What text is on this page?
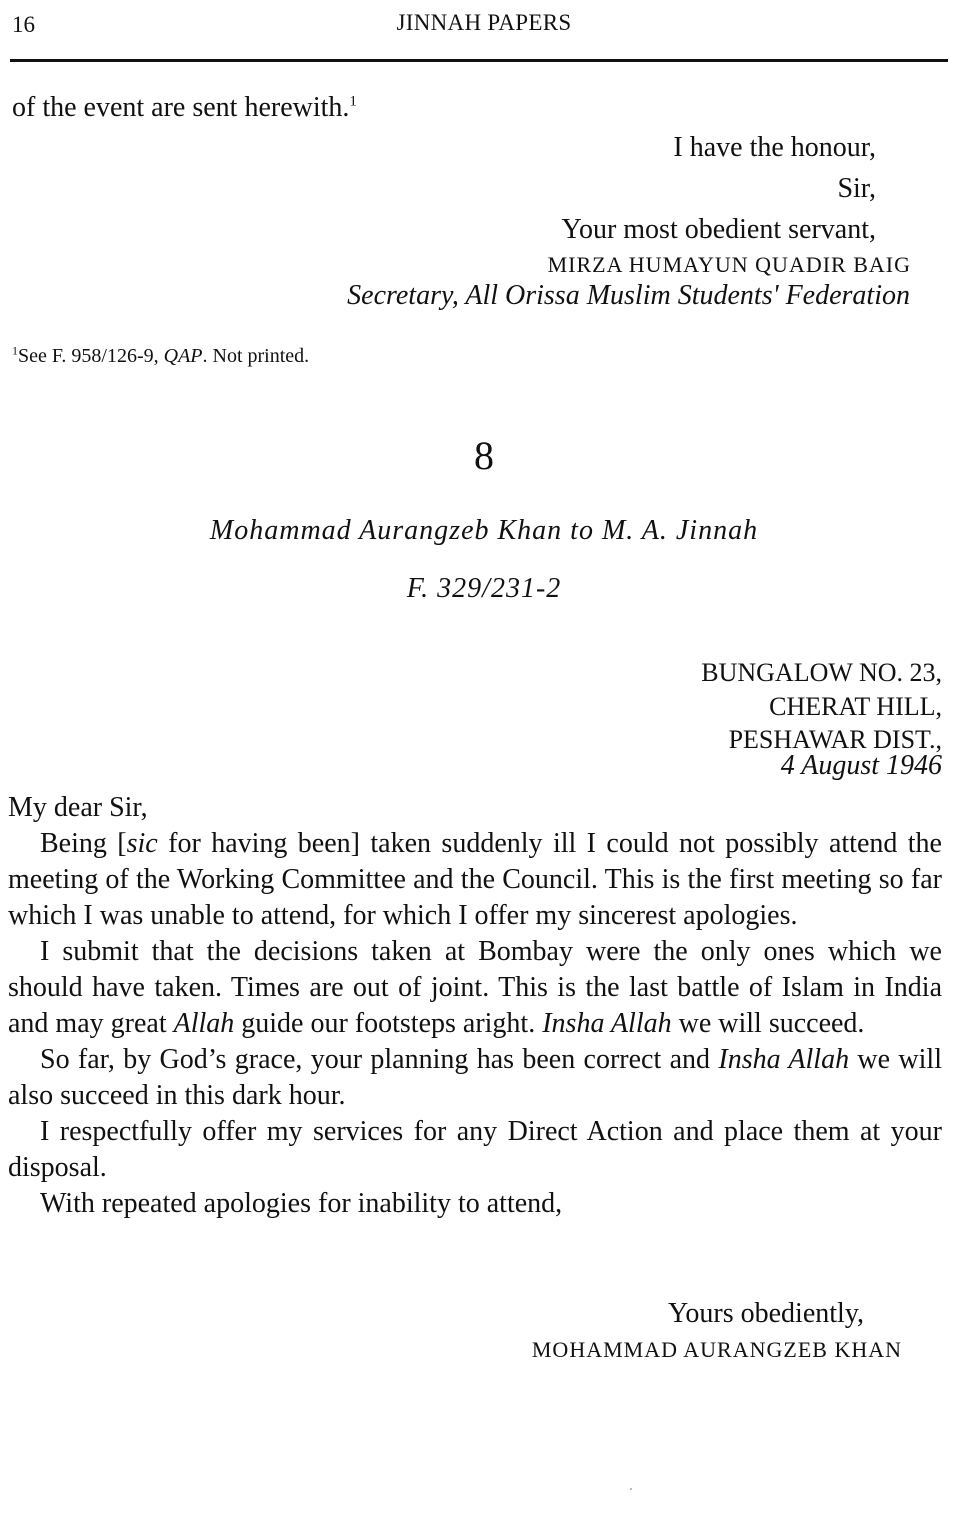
16	JINNAH PAPERS
of the event are sent herewith.$^1$
I have the honour,
Sir,
Your most obedient servant,
MIRZA HUMAYUN QUADIR BAIG
Secretary, All Orissa Muslim Students' Federation
$^1$See F. 958/126-9, QAP. Not printed.
8
Mohammad Aurangzeb Khan to M. A. Jinnah
F. 329/231-2
BUNGALOW NO. 23,
CHERAT HILL,
PESHAWAR DIST.,
4 August 1946

My dear Sir,

Being [sic for having been] taken suddenly ill I could not possibly attend the meeting of the Working Committee and the Council. This is the first meeting so far which I was unable to attend, for which I offer my sincerest apologies.

I submit that the decisions taken at Bombay were the only ones which we should have taken. Times are out of joint. This is the last battle of Islam in India and may great Allah guide our footsteps aright. Insha Allah we will succeed.

So far, by God’s grace, your planning has been correct and Insha Allah we will also succeed in this dark hour.

I respectfully offer my services for any Direct Action and place them at your disposal.

With repeated apologies for inability to attend,

Yours obediently,
MOHAMMAD AURANGZEB KHAN
